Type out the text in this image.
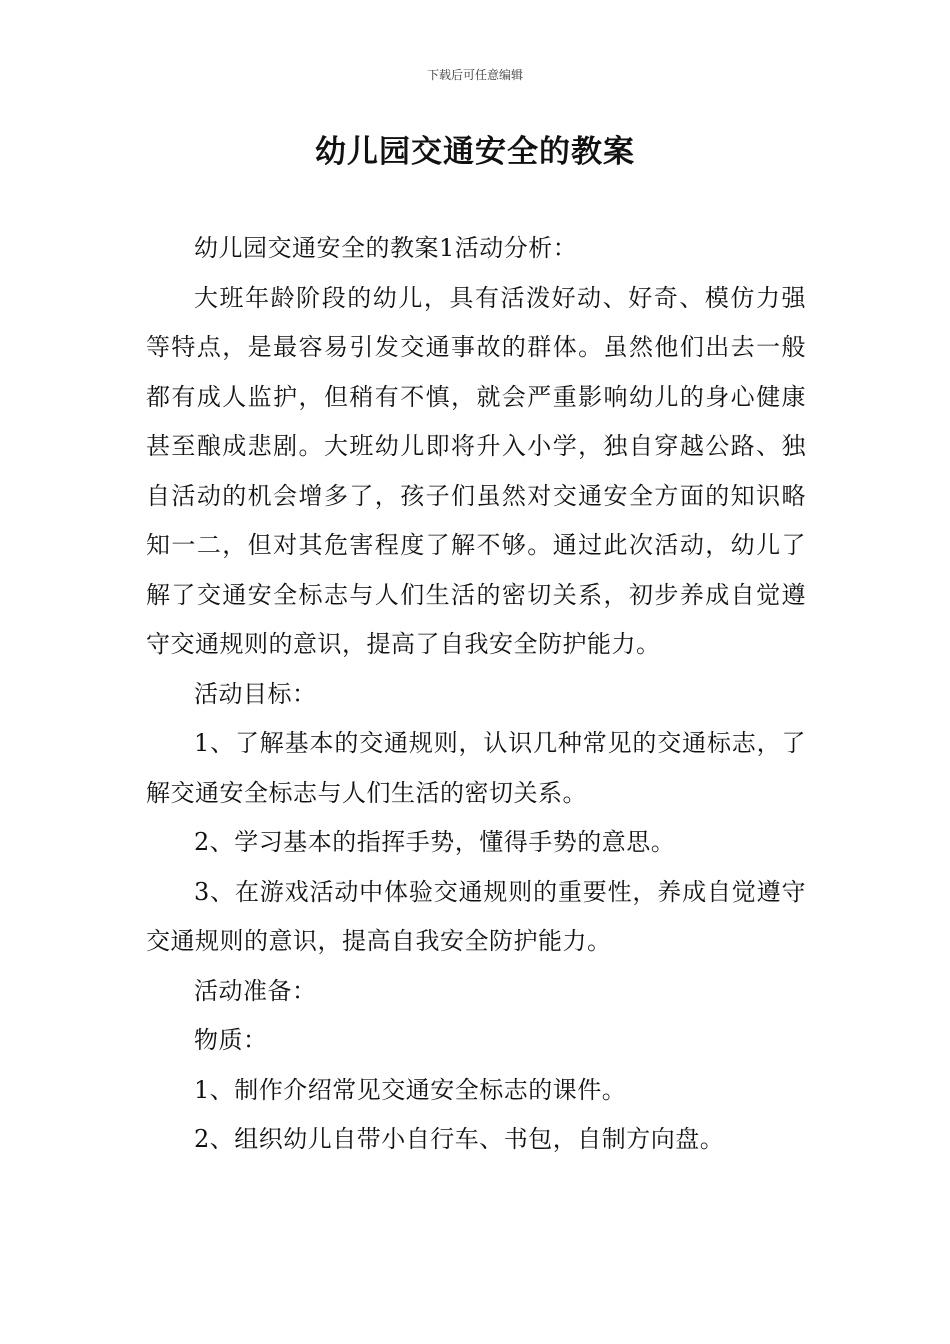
下载后可任意编辑
幼儿园交通安全的教案

幼儿园交通安全的教案1活动分析：

大班年龄阶段的幼儿，具有活泼好动、好奇、模仿力强等特点，是最容易引发交通事故的群体。虽然他们出去一般都有成人监护，但稍有不慎，就会严重影响幼儿的身心健康甚至酿成悲剧。大班幼儿即将升入小学，独自穿越公路、独自活动的机会增多了，孩子们虽然对交通安全方面的知识略知一二，但对其危害程度了解不够。通过此次活动，幼儿了解了交通安全标志与人们生活的密切关系，初步养成自觉遵守交通规则的意识，提高了自我安全防护能力。

活动目标：

1、了解基本的交通规则，认识几种常见的交通标志，了解交通安全标志与人们生活的密切关系。

2、学习基本的指挥手势，懂得手势的意思。

3、在游戏活动中体验交通规则的重要性，养成自觉遵守交通规则的意识，提高自我安全防护能力。

活动准备：

物质：

1、制作介绍常见交通安全标志的课件。

2、组织幼儿自带小自行车、书包，自制方向盘。
